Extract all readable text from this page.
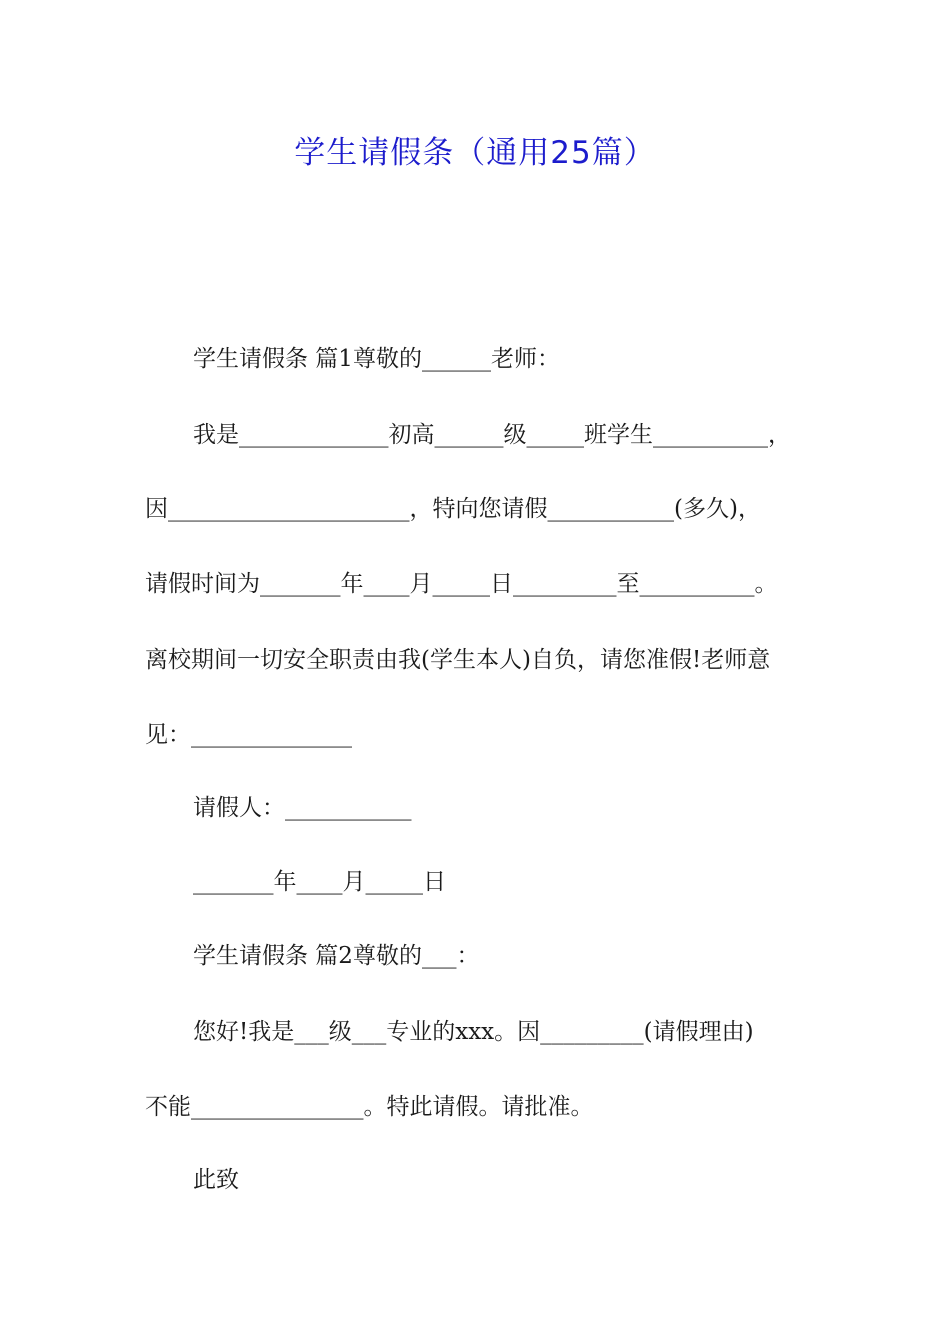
学生请假条（通用25篇）

学生请假条 篇1尊敬的______老师：

我是_____________初高______级_____班学生__________，

因_____________________，特向您请假___________(多久)，

请假时间为_______年____月_____日_________至__________。

离校期间一切安全职责由我(学生本人)自负，请您准假!老师意

见：______________

请假人：___________

_______年____月_____日

学生请假条 篇2尊敬的___：

您好!我是___级___专业的xxx。因_________(请假理由)

不能_______________。特此请假。请批准。

此致
